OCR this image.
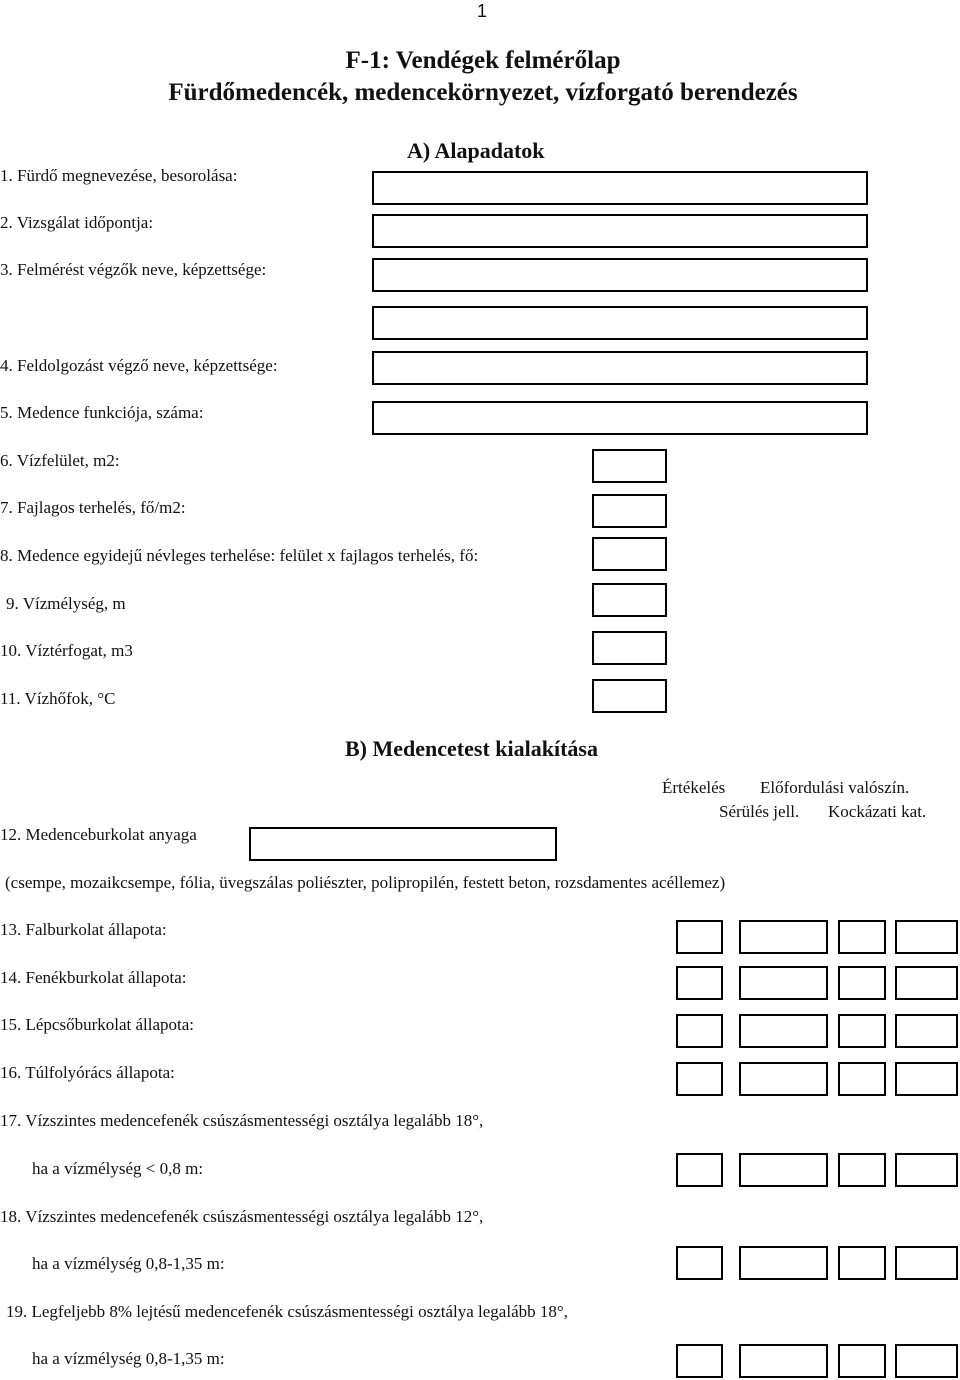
1
F-1: Vendégek felmérőlap
Fürdőmedencék, medencekörnyezet, vízforgató berendezés
A) Alapadatok
1. Fürdő megnevezése, besorolása:
2. Vizsgálat időpontja:
3. Felmérést végzők neve, képzettsége:
4. Feldolgozást végző neve, képzettsége:
5. Medence funkciója, száma:
6. Vízfelület, m2:
7. Fajlagos terhelés, fő/m2:
8. Medence egyidejű névleges terhelése: felület x fajlagos terhelés, fő:
9. Vízmélység, m
10. Víztérfogat, m3
11. Vízhőfok, °C
B) Medencetest kialakítása
Értékelés Előfordulási valószín.
Sérülés jell. Kockázati kat.
12. Medenceburkolat anyaga
(csempe, mozaikcsempe, fólia, üvegszálas poliészter, polipropilén, festett beton, rozsdamentes acéllemez)
13. Falburkolat állapota:
14. Fenékburkolat állapota:
15. Lépcsőburkolat állapota:
16. Túlfolyórács állapota:
17. Vízszintes medencefenék csúszásmentességi osztálya legalább 18°,
ha a vízmélység < 0,8 m:
18. Vízszintes medencefenék csúszásmentességi osztálya legalább 12°,
ha a vízmélység 0,8-1,35 m:
19. Legfeljebb 8% lejtésű medencefenék csúszásmentességi osztálya legalább 18°,
ha a vízmélység 0,8-1,35 m:
